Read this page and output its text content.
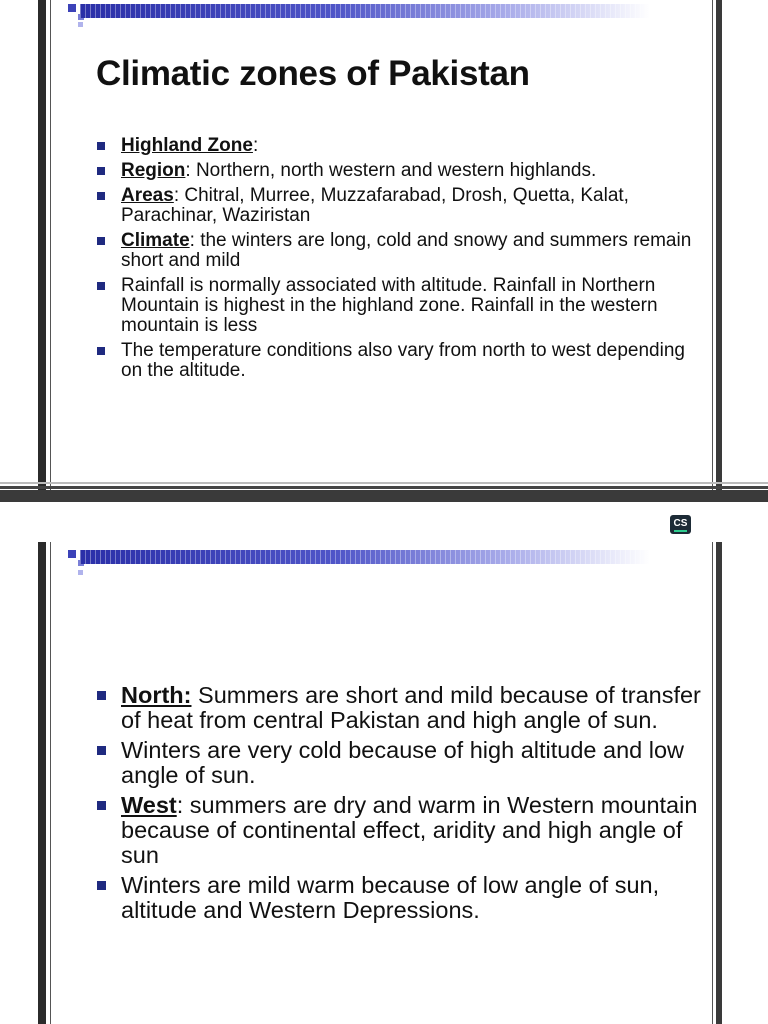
Climatic zones of Pakistan
Highland Zone:
Region: Northern, north western and western highlands.
Areas: Chitral, Murree, Muzzafarabad, Drosh, Quetta, Kalat, Parachinar, Waziristan
Climate: the winters are long, cold and snowy and summers remain short and mild
Rainfall is normally associated with altitude. Rainfall in Northern Mountain is highest in the highland zone. Rainfall in the western mountain is less
The temperature conditions also vary from north to west depending on the altitude.
CS
North: Summers are short and mild because of transfer of heat from central Pakistan and high angle of sun.
Winters are very cold because of high altitude and low angle of sun.
West: summers are dry and warm in Western mountain because of continental effect, aridity and high angle of sun
Winters are mild warm because of low angle of sun, altitude and Western Depressions.
